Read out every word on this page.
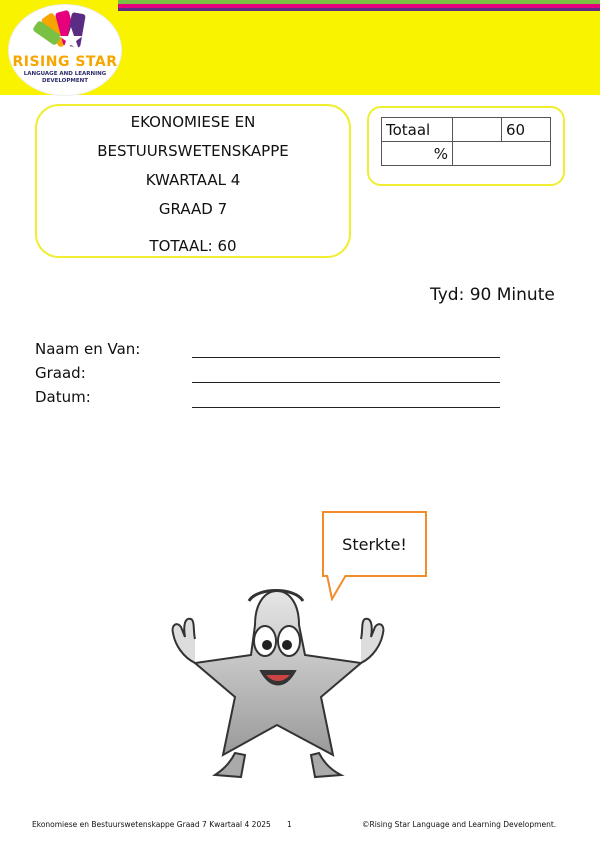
RISING STAR
LANGUAGE AND LEARNING DEVELOPMENT
EKONOMIESE EN
BESTUURSWETENSKAPPE
KWARTAAL 4
GRAAD 7
TOTAAL: 60
Totaal		60
%		
Tyd: 90 Minute
Naam en Van:
Graad:
Datum:
Sterkte!
Ekonomiese en Bestuurswetenskappe Graad 7 Kwartaal 4 2025 1	©Rising Star Language and Learning Development.
